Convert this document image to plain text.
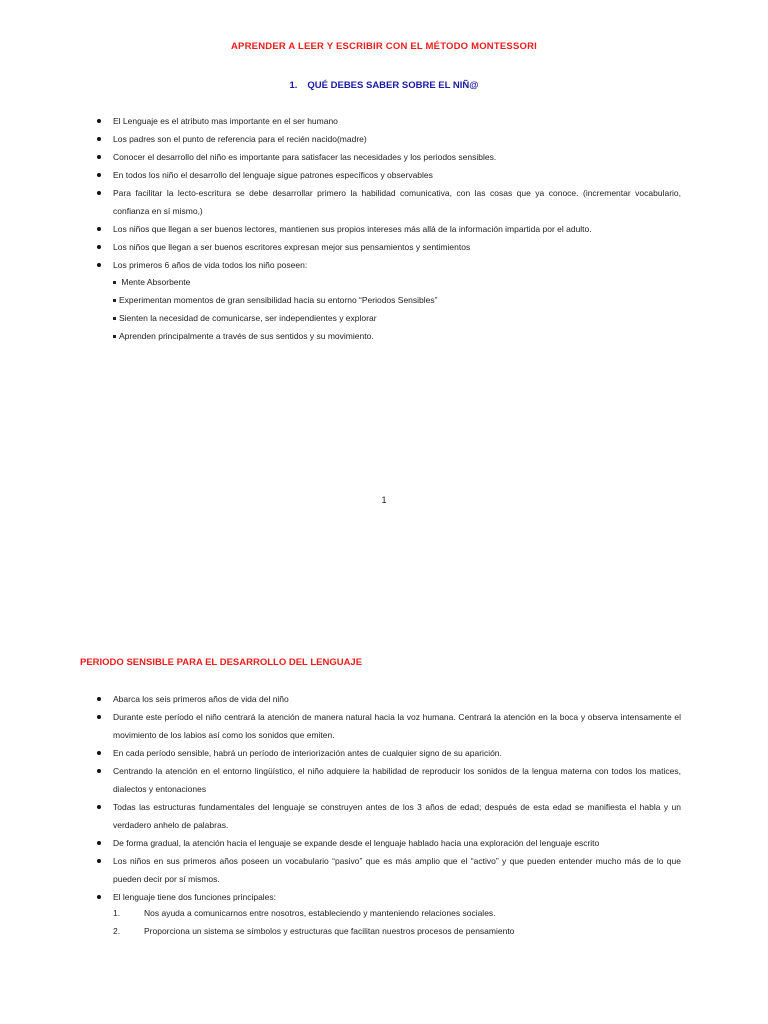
APRENDER A LEER Y ESCRIBIR CON EL MÉTODO MONTESSORI
1. QUÉ DEBES SABER SOBRE EL NIÑ@
El Lenguaje es el atributo mas importante en el ser humano
Los padres son el punto de referencia para el recién nacido(madre)
Conocer el desarrollo del niño es importante para satisfacer las necesidades y los periodos sensibles.
En todos los niño el desarrollo del lenguaje sigue patrones específicos y observables
Para facilitar la lecto-escritura se debe desarrollar primero la habilidad comunicativa, con las cosas que ya conoce. (incrementar vocabulario, confianza en sí mismo,)
Los niños que llegan a ser buenos lectores, mantienen sus propios intereses más allá de la información impartida por el adulto.
Los niños que llegan a ser buenos escritores expresan mejor sus pensamientos y sentimientos
Los primeros 6 años de vida todos los niño poseen:
Mente Absorbente
Experimentan momentos de gran sensibilidad hacia su entorno “Periodos Sensibles”
Sienten la necesidad de comunicarse, ser independientes y explorar
Aprenden principalmente a través de sus sentidos y su movimiento.
1
PERIODO SENSIBLE PARA EL DESARROLLO DEL LENGUAJE
Abarca los seis primeros años de vida del niño
Durante este período el niño centrará la atención de manera natural hacia la voz humana. Centrará la atención en la boca y observa intensamente el movimiento de los labios así como los sonidos que emiten.
En cada período sensible, habrá un período de interiorización antes de cualquier signo de su aparición.
Centrando la atención en el entorno lingüístico, el niño adquiere la habilidad de reproducir los sonidos de la lengua materna con todos los matices, dialectos y entonaciones
Todas las estructuras fundamentales del lenguaje se construyen antes de los 3 años de edad; después de esta edad se manifiesta el habla y un verdadero anhelo de palabras.
De forma gradual, la atención hacia el lenguaje se expande desde el lenguaje hablado hacia una exploración del lenguaje escrito
Los niños en sus primeros años poseen un vocabulario “pasivo” que es más amplio que el “activo” y que pueden entender mucho más de lo que pueden decir por sí mismos.
El lenguaje tiene dos funciones principales:
1.	Nos ayuda a comunicarnos entre nosotros, estableciendo y manteniendo relaciones sociales.
2.	Proporciona un sistema se símbolos y estructuras que facilitan nuestros procesos de pensamiento
